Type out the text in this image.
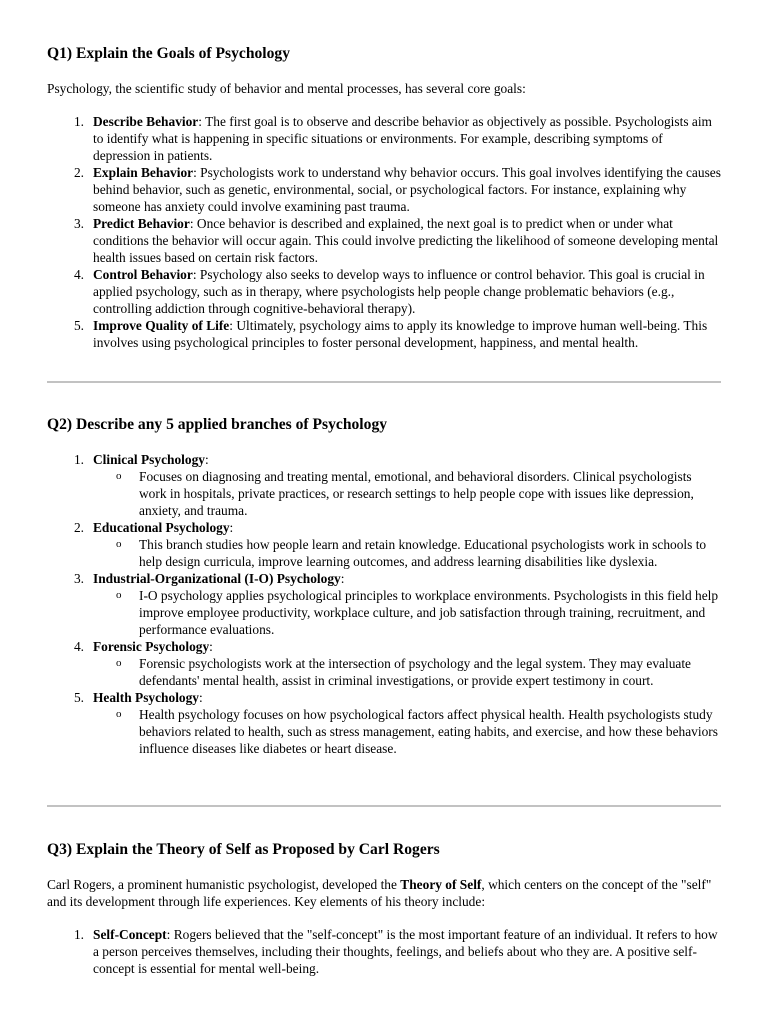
Q1) Explain the Goals of Psychology

Psychology, the scientific study of behavior and mental processes, has several core goals:

Describe Behavior: The first goal is to observe and describe behavior as objectively as possible. Psychologists aim to identify what is happening in specific situations or environments. For example, describing symptoms of depression in patients.
Explain Behavior: Psychologists work to understand why behavior occurs. This goal involves identifying the causes behind behavior, such as genetic, environmental, social, or psychological factors. For instance, explaining why someone has anxiety could involve examining past trauma.
Predict Behavior: Once behavior is described and explained, the next goal is to predict when or under what conditions the behavior will occur again. This could involve predicting the likelihood of someone developing mental health issues based on certain risk factors.
Control Behavior: Psychology also seeks to develop ways to influence or control behavior. This goal is crucial in applied psychology, such as in therapy, where psychologists help people change problematic behaviors (e.g., controlling addiction through cognitive-behavioral therapy).
Improve Quality of Life: Ultimately, psychology aims to apply its knowledge to improve human well-being. This involves using psychological principles to foster personal development, happiness, and mental health.
Q2) Describe any 5 applied branches of Psychology
Clinical Psychology:
o Focuses on diagnosing and treating mental, emotional, and behavioral disorders. Clinical psychologists work in hospitals, private practices, or research settings to help people cope with issues like depression, anxiety, and trauma.
Educational Psychology:
o This branch studies how people learn and retain knowledge. Educational psychologists work in schools to help design curricula, improve learning outcomes, and address learning disabilities like dyslexia.
Industrial-Organizational (I-O) Psychology:
o I-O psychology applies psychological principles to workplace environments. Psychologists in this field help improve employee productivity, workplace culture, and job satisfaction through training, recruitment, and performance evaluations.
Forensic Psychology:
o Forensic psychologists work at the intersection of psychology and the legal system. They may evaluate defendants' mental health, assist in criminal investigations, or provide expert testimony in court.
Health Psychology:
o Health psychology focuses on how psychological factors affect physical health. Health psychologists study behaviors related to health, such as stress management, eating habits, and exercise, and how these behaviors influence diseases like diabetes or heart disease.
Q3) Explain the Theory of Self as Proposed by Carl Rogers

Carl Rogers, a prominent humanistic psychologist, developed the Theory of Self, which centers on the concept of the "self" and its development through life experiences. Key elements of his theory include:

Self-Concept: Rogers believed that the "self-concept" is the most important feature of an individual. It refers to how a person perceives themselves, including their thoughts, feelings, and beliefs about who they are. A positive self-concept is essential for mental well-being.
